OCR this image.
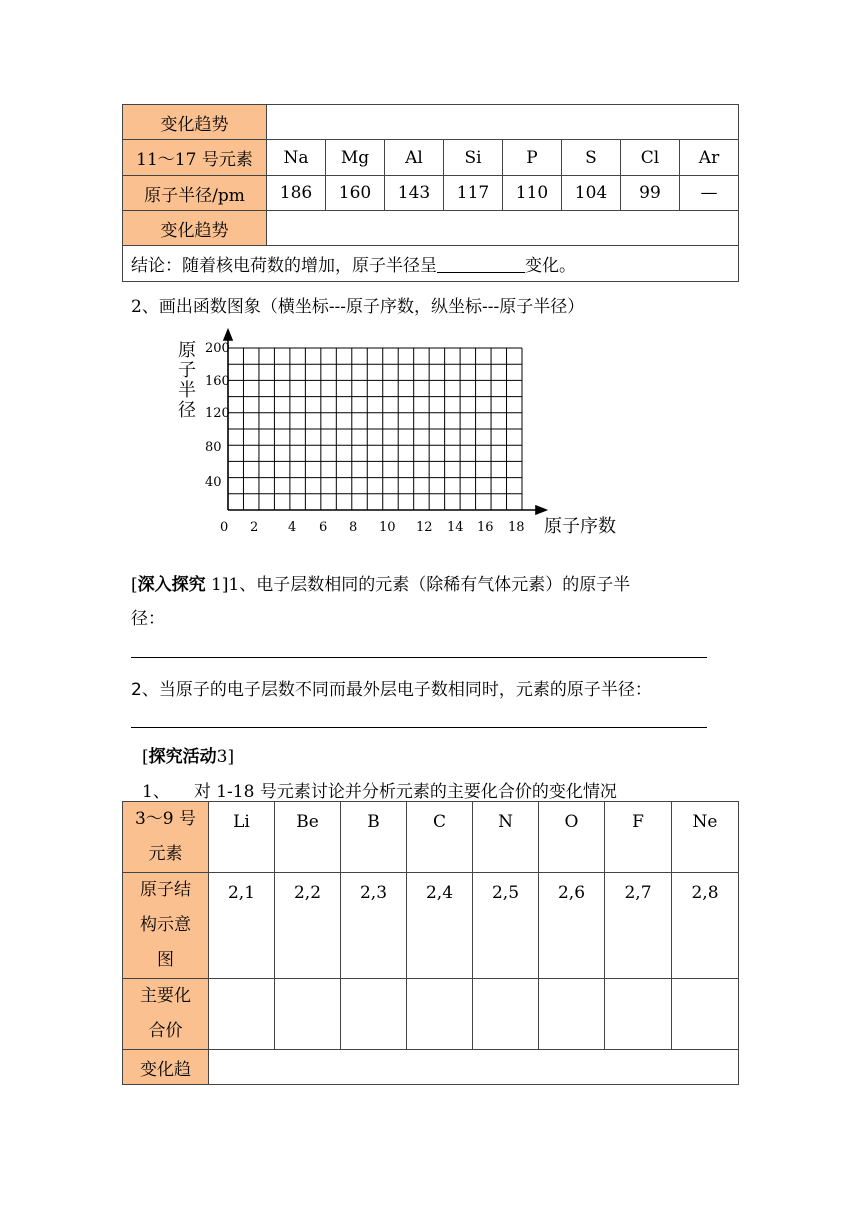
变化趋势								
11～17 号元素	Na	Mg	Al	Si	P	S	Cl	Ar
原子半径/pm	186	160	143	117	110	104	99	—
变化趋势								
结论：随着核电荷数的增加，原子半径呈 变化。								
2、画出函数图象（横坐标---原子序数，纵坐标---原子半径）
原
子
半
径
200
160
120
80
40
0 2 4 6 8 10 12 14 16 18 原子序数
[深入探究 1]1、电子层数相同的元素（除稀有气体元素）的原子半
径：
2、当原子的电子层数不同而最外层电子数相同时，元素的原子半径：
[探究活动3]
1、 对 1-18 号元素讨论并分析元素的主要化合价的变化情况
3～9 号
元素	Li	Be	B	C	N	O	F	Ne

原子结
构示意
图	2,1	2,2	2,3	2,4	2,5	2,6	2,7	2,8

主要化
合价								

变化趋								
